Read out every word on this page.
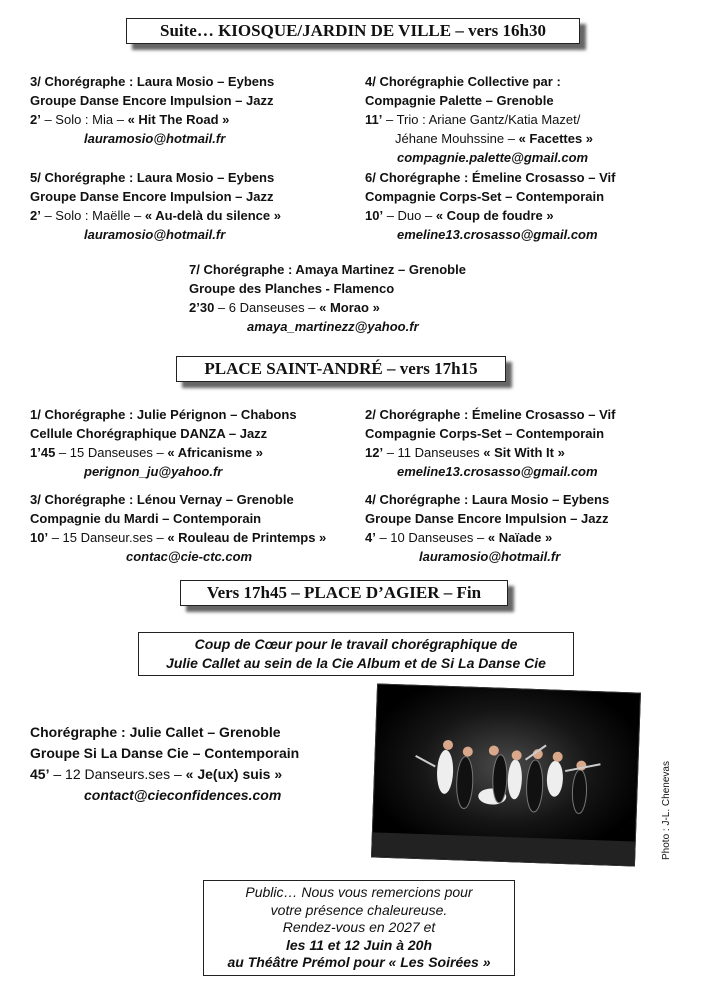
Suite… KIOSQUE/JARDIN DE VILLE – vers 16h30
3/ Chorégraphe : Laura Mosio – Eybens
Groupe Danse Encore Impulsion – Jazz
2’ – Solo : Mia – « Hit The Road »
lauramosio@hotmail.fr
4/ Chorégraphie Collective par :
Compagnie Palette – Grenoble
11’ – Trio : Ariane Gantz/Katia Mazet/
Jéhane Mouhssine – « Facettes »
compagnie.palette@gmail.com
5/ Chorégraphe : Laura Mosio – Eybens
Groupe Danse Encore Impulsion – Jazz
2’ – Solo : Maëlle – « Au-delà du silence »
lauramosio@hotmail.fr
6/ Chorégraphe : Émeline Crosasso – Vif
Compagnie Corps-Set – Contemporain
10’ – Duo – « Coup de foudre »
emeline13.crosasso@gmail.com
7/ Chorégraphe : Amaya Martinez – Grenoble
Groupe des Planches - Flamenco
2’30 – 6 Danseuses – « Morao »
amaya_martinezz@yahoo.fr
PLACE SAINT-ANDRÉ – vers 17h15
1/ Chorégraphe : Julie Pérignon – Chabons
Cellule Chorégraphique DANZA – Jazz
1’45 – 15 Danseuses – « Africanisme »
perignon_ju@yahoo.fr
2/ Chorégraphe : Émeline Crosasso – Vif
Compagnie Corps-Set – Contemporain
12’ – 11 Danseuses « Sit With It »
emeline13.crosasso@gmail.com
3/ Chorégraphe : Lénou Vernay – Grenoble
Compagnie du Mardi – Contemporain
10’ – 15 Danseur.ses – « Rouleau de Printemps »
contac@cie-ctc.com
4/ Chorégraphe : Laura Mosio – Eybens
Groupe Danse Encore Impulsion – Jazz
4’ – 10 Danseuses – « Naïade »
lauramosio@hotmail.fr
Vers 17h45 – PLACE D’AGIER – Fin
Coup de Cœur pour le travail chorégraphique de
Julie Callet au sein de la Cie Album et de Si La Danse Cie
Chorégraphe : Julie Callet – Grenoble
Groupe Si La Danse Cie – Contemporain
45’ – 12 Danseurs.ses – « Je(ux) suis »
contact@cieconfidences.com	Photo : J-L. Chenevas
Public… Nous vous remercions pour
votre présence chaleureuse.
Rendez-vous en 2027 et
les 11 et 12 Juin à 20h
au Théâtre Prémol pour « Les Soirées »
